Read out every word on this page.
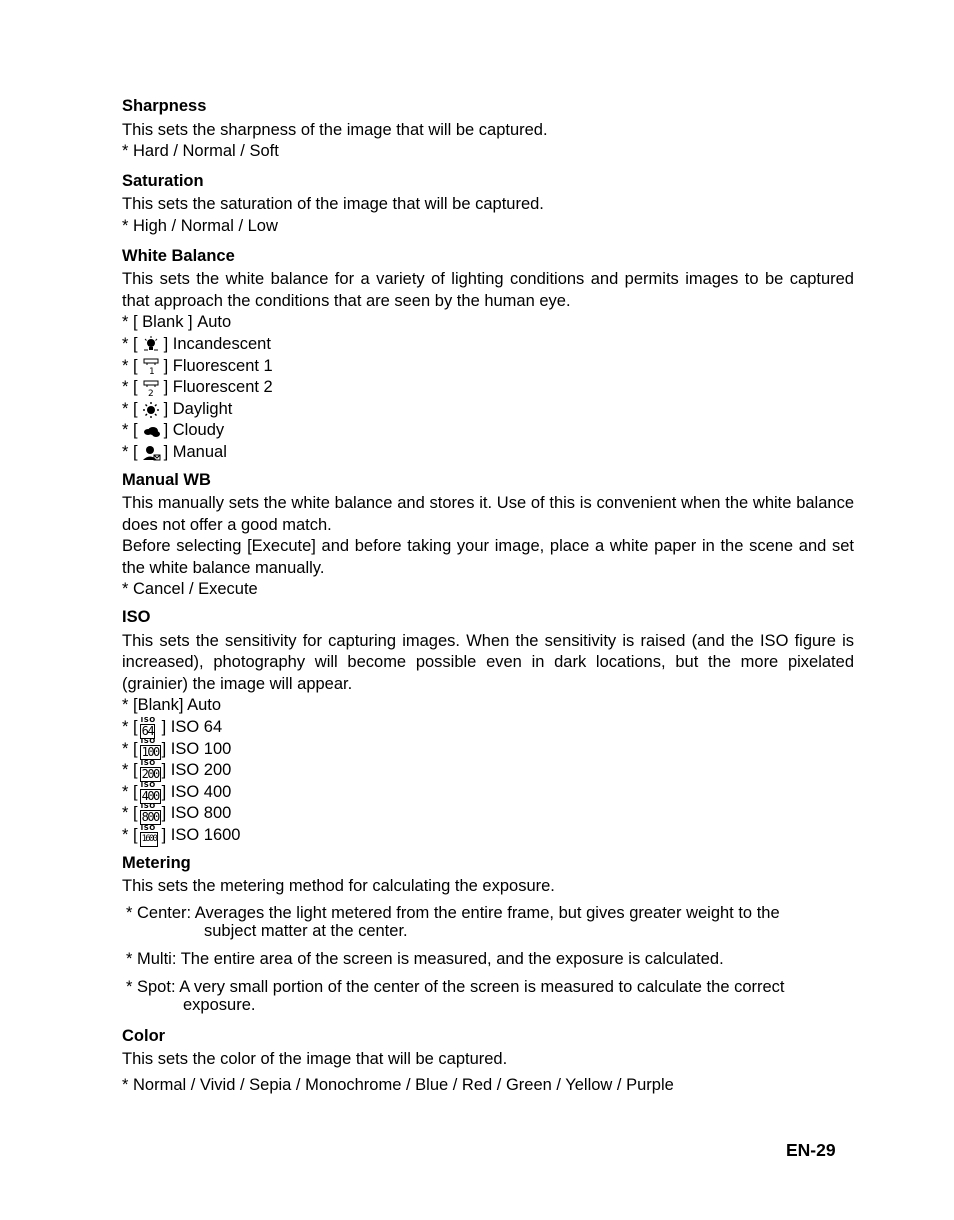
Sharpness

This sets the sharpness of the image that will be captured.

* Hard / Normal / Soft

Saturation

This sets the saturation of the image that will be captured.

* High / Normal / Low

White Balance

This sets the white balance for a variety of lighting conditions and permits images to be captured that approach the conditions that are seen by the human eye.

* [ Blank ]
Auto
* [ ] Incandescent
* [ 1 ] Fluorescent 1
* [ 2 ] Fluorescent 2
* [ ] Daylight
* [ ] Cloudy
* [ ] Manual
Manual WB

This manually sets the white balance and stores it. Use of this is convenient when the white balance does not offer a good match.

Before selecting [Execute] and before taking your image, place a white paper in the scene and set the white balance manually.

* Cancel / Execute

ISO

This sets the sensitivity for capturing images. When the sensitivity is raised (and the ISO figure is increased), photography will become possible even in dark locations, but the more pixelated (grainier) the image will appear.

* [Blank] Auto

* [ ISO
64 ] ISO 64
* [ ISO
100 ] ISO 100
* [ ISO
200 ] ISO 200
* [ ISO
400 ] ISO 400
* [ ISO
800 ] ISO 800
* [ ISO
1600 ] ISO 1600
Metering

This sets the metering method for calculating the exposure.

* Center: Averages the light metered from the entire frame, but gives greater weight to the
subject matter at the center.
* Multi: The entire area of the screen is measured, and the exposure is calculated.
* Spot: A very small portion of the center of the screen is measured to calculate the correct
exposure.
Color

This sets the color of the image that will be captured.

* Normal / Vivid / Sepia / Monochrome / Blue / Red / Green / Yellow / Purple

EN-29
